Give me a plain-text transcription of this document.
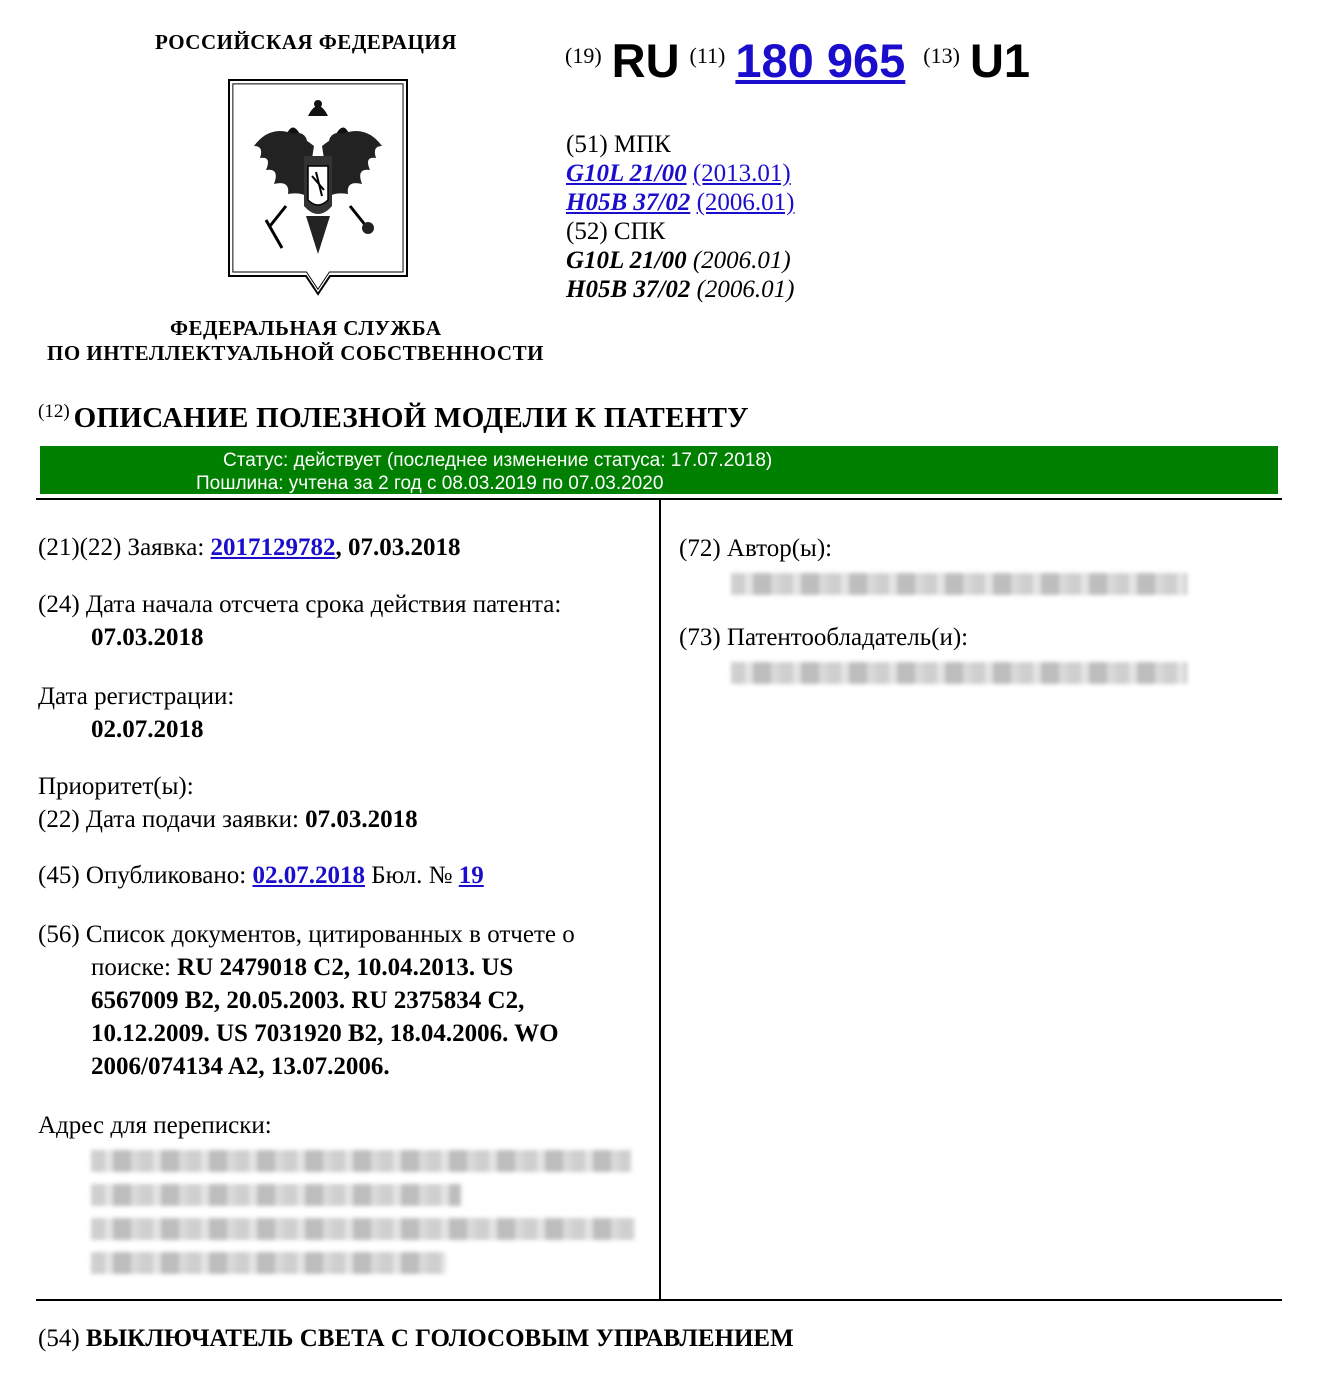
РОССИЙСКАЯ ФЕДЕРАЦИЯ
ФЕДЕРАЛЬНАЯ СЛУЖБА
ПО ИНТЕЛЛЕКТУАЛЬНОЙ СОБСТВЕННОСТИ
(19) RU (11) 180 965 (13) U1
(51) МПК
G10L 21/00 (2013.01)
H05B 37/02 (2006.01)
(52) СПК
G10L 21/00 (2006.01)
H05B 37/02 (2006.01)
(12) ОПИСАНИЕ ПОЛЕЗНОЙ МОДЕЛИ К ПАТЕНТУ
Статус: действует (последнее изменение статуса: 17.07.2018)
Пошлина: учтена за 2 год с 08.03.2019 по 07.03.2020
(21)(22) Заявка: 2017129782, 07.03.2018
(24) Дата начала отсчета срока действия патента:
07.03.2018
Дата регистрации:
02.07.2018
Приоритет(ы):
(22) Дата подачи заявки: 07.03.2018
(45) Опубликовано: 02.07.2018 Бюл. № 19
(56) Список документов, цитированных в отчете о
поиске: RU 2479018 C2, 10.04.2013. US
6567009 B2, 20.05.2003. RU 2375834 C2,
10.12.2009. US 7031920 B2, 18.04.2006. WO
2006/074134 A2, 13.07.2006.
Адрес для переписки:
(72) Автор(ы):
(73) Патентообладатель(и):
(54) ВЫКЛЮЧАТЕЛЬ СВЕТА С ГОЛОСОВЫМ УПРАВЛЕНИЕМ
